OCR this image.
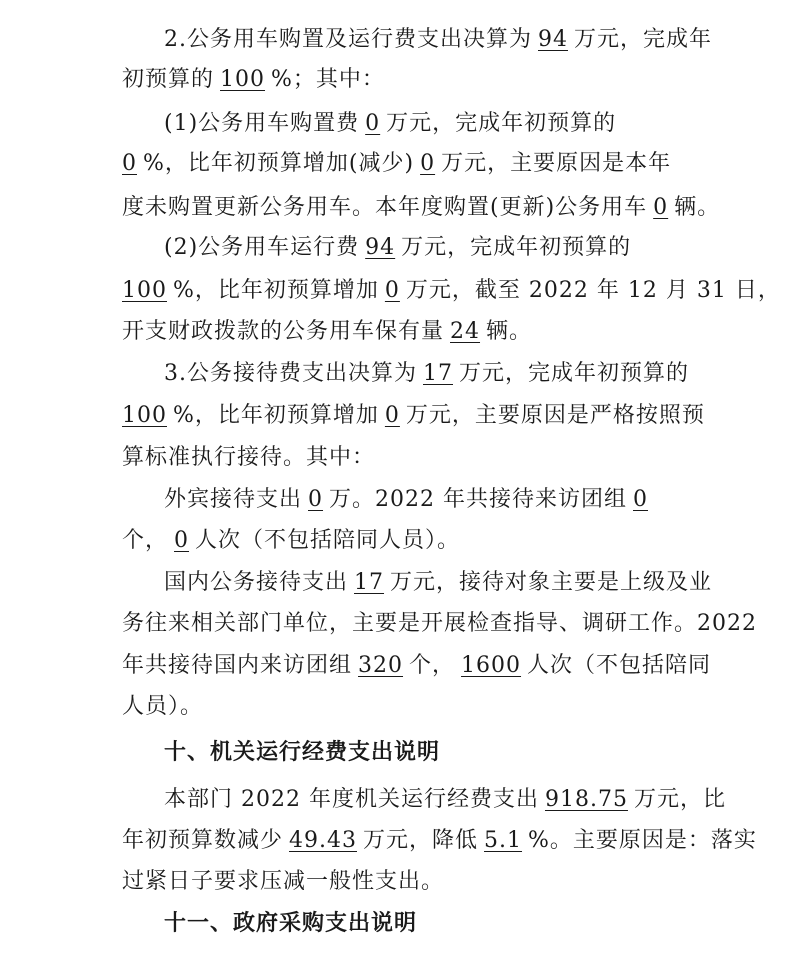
2.公务用车购置及运行费支出决算为 94 万元，完成年
初预算的 100 %；其中：
(1)公务用车购置费 0 万元，完成年初预算的
0 %，比年初预算增加(减少) 0 万元，主要原因是本年
度未购置更新公务用车。本年度购置(更新)公务用车 0 辆。
(2)公务用车运行费 94 万元，完成年初预算的
100 %，比年初预算增加 0 万元，截至 2022 年 12 月 31 日，
开支财政拨款的公务用车保有量 24 辆。
3.公务接待费支出决算为 17 万元，完成年初预算的
100 %，比年初预算增加 0 万元，主要原因是严格按照预
算标准执行接待。其中：
外宾接待支出 0 万。2022 年共接待来访团组 0
个， 0 人次（不包括陪同人员）。
国内公务接待支出 17 万元，接待对象主要是上级及业
务往来相关部门单位，主要是开展检查指导、调研工作。2022
年共接待国内来访团组 320 个， 1600 人次（不包括陪同
人员）。
十、机关运行经费支出说明
本部门 2022 年度机关运行经费支出 918.75 万元，比
年初预算数减少 49.43 万元，降低 5.1 %。主要原因是：落实
过紧日子要求压减一般性支出。
十一、政府采购支出说明
